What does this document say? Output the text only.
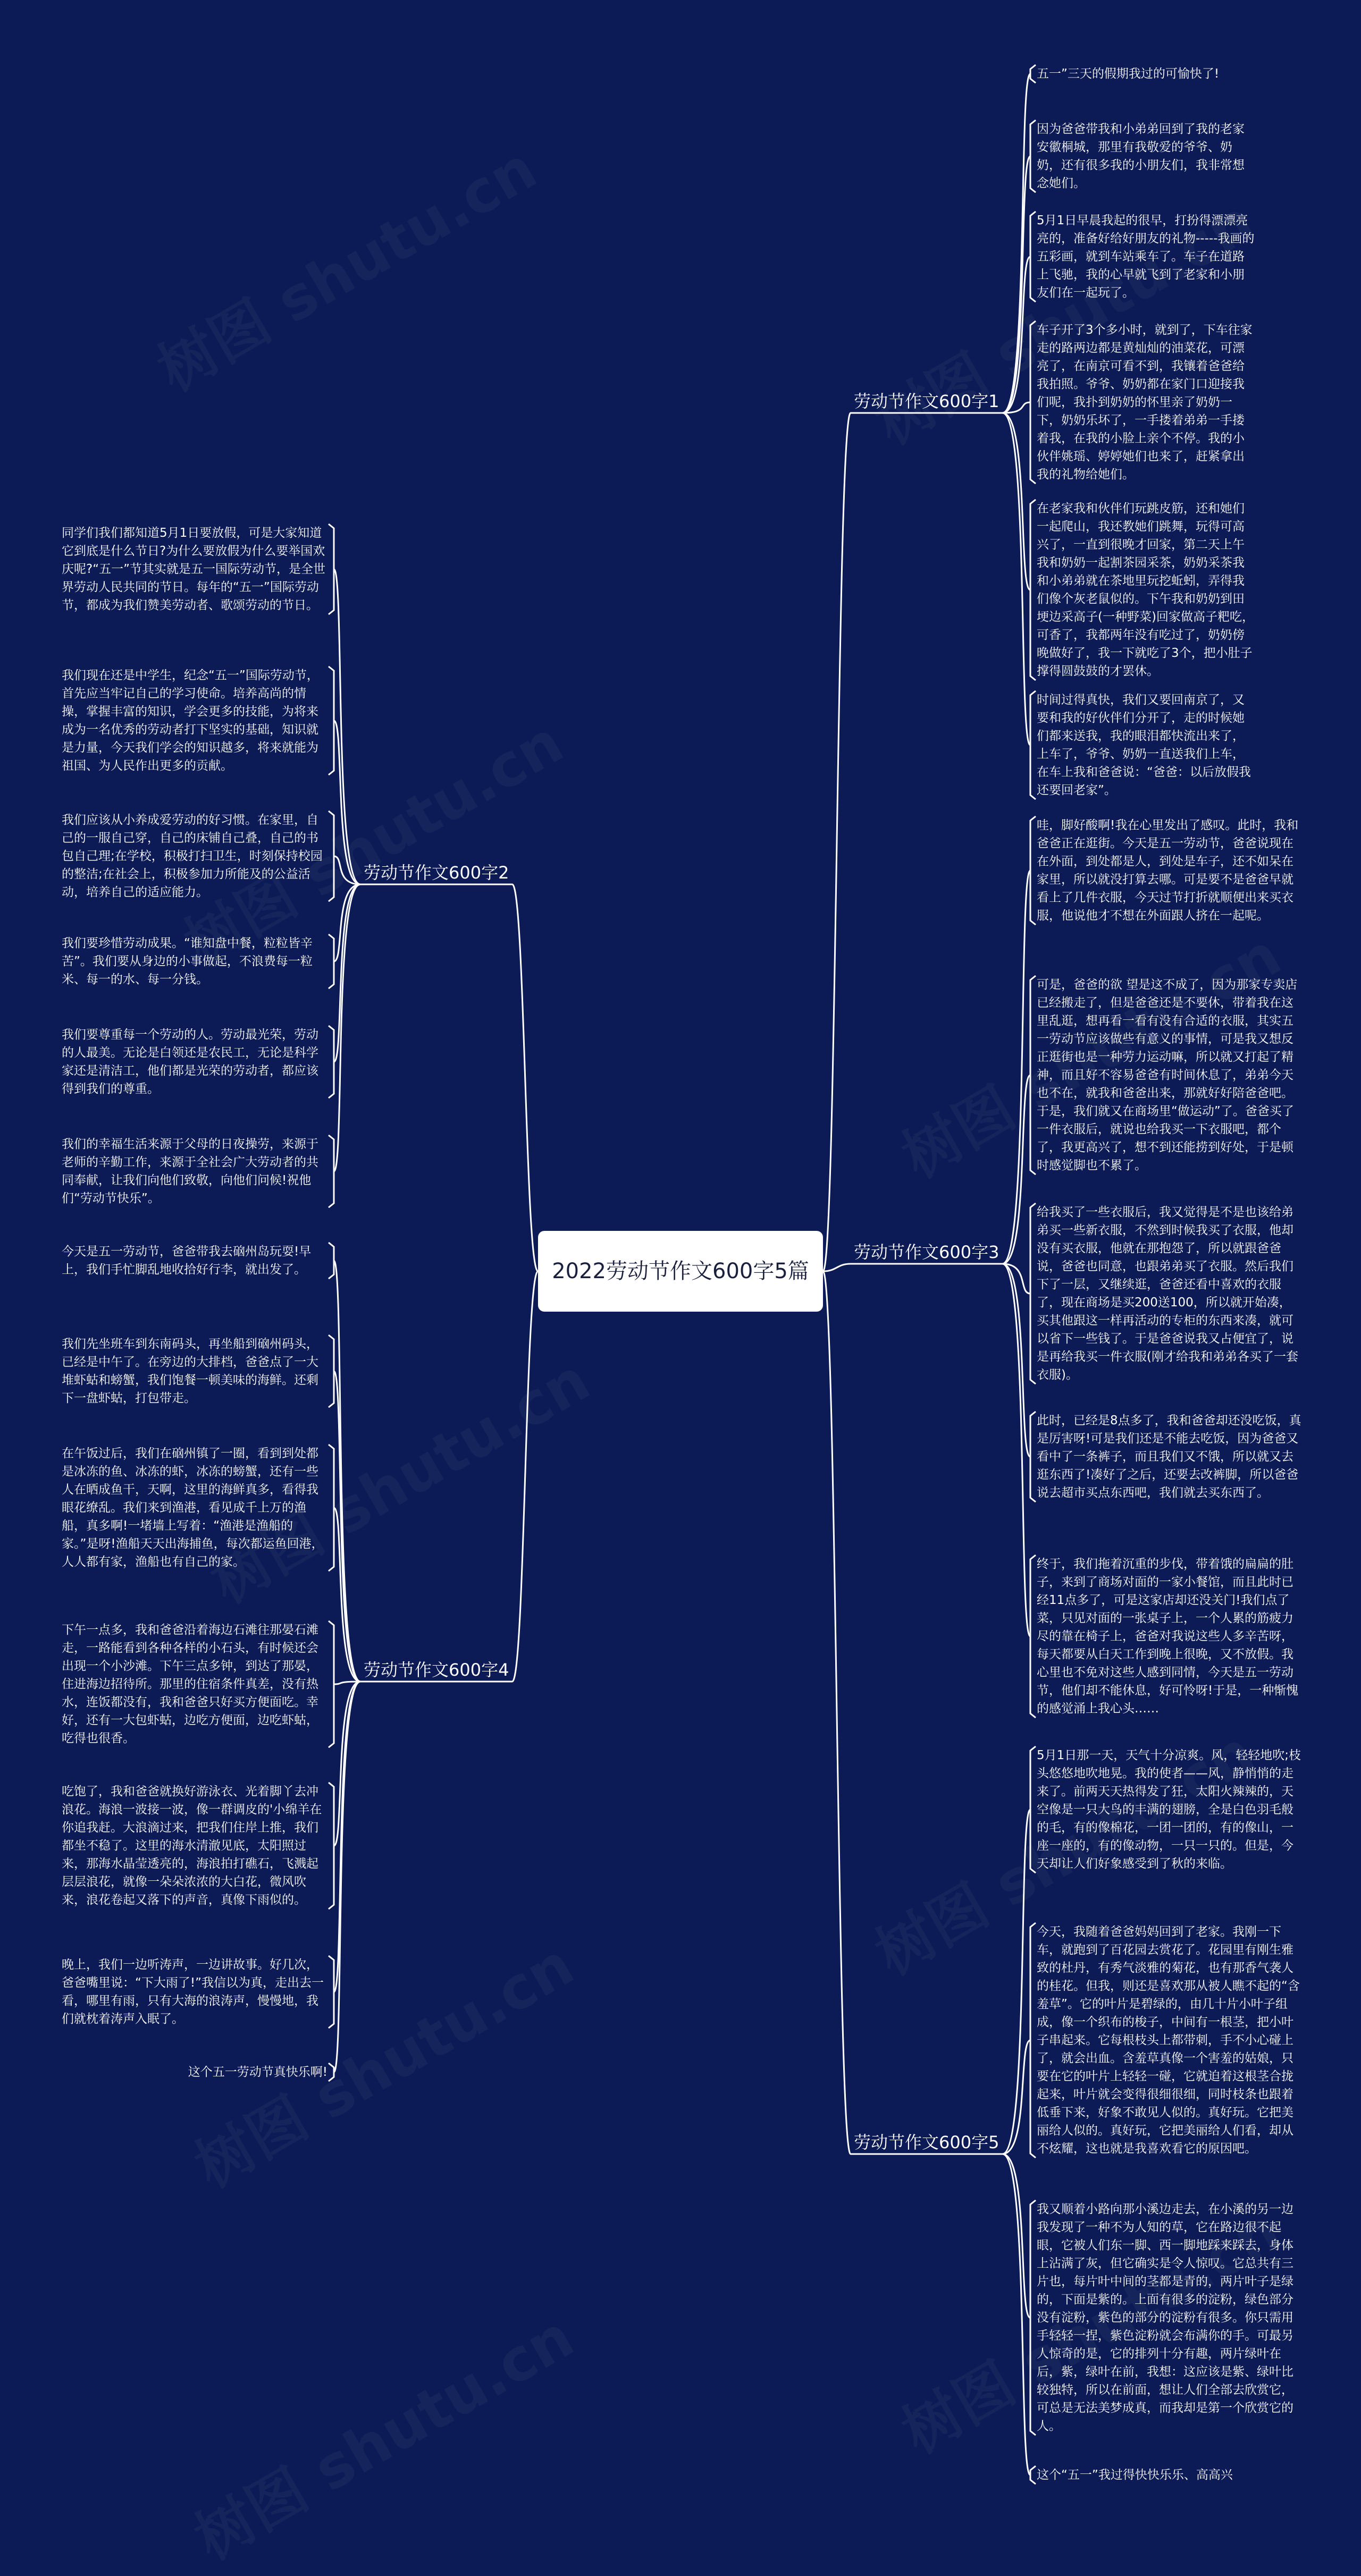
2022劳动节作文600字5篇
劳动节作文600字1
劳动节作文600字2
劳动节作文600字3
劳动节作文600字4
劳动节作文600字5
五一”三天的假期我过的可愉快了!
因为爸爸带我和小弟弟回到了我的老家安徽桐城，那里有我敬爱的爷爷、奶奶，还有很多我的小朋友们，我非常想念她们。
5月1日早晨我起的很早，打扮得漂漂亮亮的，准备好给好朋友的礼物-----我画的五彩画，就到车站乘车了。车子在道路上飞驰，我的心早就飞到了老家和小朋友们在一起玩了。
车子开了3个多小时，就到了，下车往家走的路两边都是黄灿灿的油菜花，可漂亮了，在南京可看不到，我镶着爸爸给我拍照。爷爷、奶奶都在家门口迎接我们呢，我扑到奶奶的怀里亲了奶奶一下，奶奶乐坏了，一手搂着弟弟一手搂着我，在我的小脸上亲个不停。我的小伙伴姚瑶、婷婷她们也来了，赶紧拿出我的礼物给她们。
在老家我和伙伴们玩跳皮筋，还和她们一起爬山，我还教她们跳舞，玩得可高兴了，一直到很晚才回家，第二天上午我和奶奶一起割茶园采茶，奶奶采茶我和小弟弟就在茶地里玩挖蚯蚓，弄得我们像个灰老鼠似的。下午我和奶奶到田埂边采高子(一种野菜)回家做高子粑吃，可香了，我都两年没有吃过了，奶奶傍晚做好了，我一下就吃了3个，把小肚子撑得圆鼓鼓的才罢休。
时间过得真快，我们又要回南京了，又要和我的好伙伴们分开了，走的时候她们都来送我，我的眼泪都快流出来了，上车了，爷爷、奶奶一直送我们上车，在车上我和爸爸说：“爸爸：以后放假我还要回老家”。
同学们我们都知道5月1日要放假，可是大家知道它到底是什么节日?为什么要放假为什么要举国欢庆呢?“五一”节其实就是五一国际劳动节，是全世界劳动人民共同的节日。每年的“五一”国际劳动节，都成为我们赞美劳动者、歌颂劳动的节日。
我们现在还是中学生，纪念“五一”国际劳动节，首先应当牢记自己的学习使命。培养高尚的情操，掌握丰富的知识，学会更多的技能，为将来成为一名优秀的劳动者打下坚实的基础，知识就是力量，今天我们学会的知识越多，将来就能为祖国、为人民作出更多的贡献。
我们应该从小养成爱劳动的好习惯。在家里，自己的一服自己穿，自己的床铺自己叠，自己的书包自己理;在学校，积极打扫卫生，时刻保持校园的整洁;在社会上，积极参加力所能及的公益活动，培养自己的适应能力。
我们要珍惜劳动成果。“谁知盘中餐，粒粒皆辛苦”。我们要从身边的小事做起，不浪费每一粒米、每一的水、每一分钱。
我们要尊重每一个劳动的人。劳动最光荣，劳动的人最美。无论是白领还是农民工，无论是科学家还是清洁工，他们都是光荣的劳动者，都应该得到我们的尊重。
我们的幸福生活来源于父母的日夜操劳，来源于老师的辛勤工作，来源于全社会广大劳动者的共同奉献，让我们向他们致敬，向他们问候!祝他们“劳动节快乐”。
哇，脚好酸啊!我在心里发出了感叹。此时，我和爸爸正在逛街。今天是五一劳动节，爸爸说现在在外面，到处都是人，到处是车子，还不如呆在家里，所以就没打算去哪。可是要不是爸爸早就看上了几件衣服，今天过节打折就顺便出来买衣服，他说他才不想在外面跟人挤在一起呢。
可是，爸爸的欲 望是这不成了，因为那家专卖店已经搬走了，但是爸爸还是不要休，带着我在这里乱逛，想再看一看有没有合适的衣服，其实五一劳动节应该做些有意义的事情，可是我又想反正逛街也是一种劳力运动嘛，所以就又打起了精神，而且好不容易爸爸有时间休息了，弟弟今天也不在，就我和爸爸出来，那就好好陪爸爸吧。于是，我们就又在商场里“做运动”了。爸爸买了一件衣服后，就说也给我买一下衣服吧，都个了，我更高兴了，想不到还能捞到好处，于是顿时感觉脚也不累了。
给我买了一些衣服后，我又觉得是不是也该给弟弟买一些新衣服，不然到时候我买了衣服，他却没有买衣服，他就在那抱怨了，所以就跟爸爸说，爸爸也同意，也跟弟弟买了衣服。然后我们下了一层，又继续逛，爸爸还看中喜欢的衣服了，现在商场是买200送100，所以就开始凑，买其他跟这一样再活动的专柜的东西来凑，就可以省下一些钱了。于是爸爸说我又占便宜了，说是再给我买一件衣服(刚才给我和弟弟各买了一套衣服)。
此时，已经是8点多了，我和爸爸却还没吃饭，真是厉害呀!可是我们还是不能去吃饭，因为爸爸又看中了一条裤子，而且我们又不饿，所以就又去逛东西了!凑好了之后，还要去改裤脚，所以爸爸说去超市买点东西吧，我们就去买东西了。
终于，我们拖着沉重的步伐，带着饿的扁扁的肚子，来到了商场对面的一家小餐馆，而且此时已经11点多了，可是这家店却还没关门!我们点了菜，只见对面的一张桌子上，一个人累的筋疲力尽的靠在椅子上，爸爸对我说这些人多辛苦呀，每天都要从白天工作到晚上很晚，又不放假。我心里也不免对这些人感到同情，今天是五一劳动节，他们却不能休息，好可怜呀!于是，一种惭愧的感觉涌上我心头……
今天是五一劳动节，爸爸带我去硇州岛玩耍!早上，我们手忙脚乱地收拾好行李，就出发了。
我们先坐班车到东南码头，再坐船到硇州码头，已经是中午了。在旁边的大排档，爸爸点了一大堆虾蛄和螃蟹，我们饱餐一顿美味的海鲜。还剩下一盘虾蛄，打包带走。
在午饭过后，我们在硇州镇了一圈，看到到处都是冰冻的鱼、冰冻的虾，冰冻的螃蟹，还有一些人在晒成鱼干，天啊，这里的海鲜真多，看得我眼花缭乱。我们来到渔港，看见成千上万的渔船，真多啊!一堵墙上写着：“渔港是渔船的家。”是呀!渔船天天出海捕鱼，每次都运鱼回港，人人都有家，渔船也有自己的家。
下午一点多，我和爸爸沿着海边石滩往那晏石滩走，一路能看到各种各样的小石头，有时候还会出现一个小沙滩。下午三点多钟，到达了那晏，住进海边招待所。那里的住宿条件真差，没有热水，连饭都没有，我和爸爸只好买方便面吃。幸好，还有一大包虾蛄，边吃方便面，边吃虾蛄，吃得也很香。
吃饱了，我和爸爸就换好游泳衣、光着脚丫去冲浪花。海浪一波接一波，像一群调皮的'小绵羊在你追我赶。大浪滴过来，把我们住岸上推，我们都坐不稳了。这里的海水清澈见底，太阳照过来，那海水晶莹透亮的，海浪拍打礁石，飞溅起层层浪花，就像一朵朵浓浓的大白花，微风吹来，浪花卷起又落下的声音，真像下雨似的。
晚上，我们一边听涛声，一边讲故事。好几次，爸爸嘴里说：“下大雨了!”我信以为真，走出去一看，哪里有雨，只有大海的浪涛声，慢慢地，我们就枕着涛声入眠了。
这个五一劳动节真快乐啊!
5月1日那一天，天气十分凉爽。风，轻轻地吹;枝头悠悠地吹地晃。我的使者——风，静悄悄的走来了。前两天天热得发了狂，太阳火辣辣的，天空像是一只大鸟的丰满的翅膀，全是白色羽毛般的毛，有的像棉花，一团一团的，有的像山，一座一座的，有的像动物，一只一只的。但是，今天却让人们好象感受到了秋的来临。
今天，我随着爸爸妈妈回到了老家。我刚一下车，就跑到了百花园去赏花了。花园里有刚生雅致的杜丹，有秀气淡雅的菊花，也有那香气袭人的桂花。但我，则还是喜欢那从被人瞧不起的“含羞草”。它的叶片是碧绿的，由几十片小叶子组成，像一个织布的梭子，中间有一根茎，把小叶子串起来。它每根枝头上都带刺，手不小心碰上了，就会出血。含羞草真像一个害羞的姑娘，只要在它的叶片上轻轻一碰，它就迫着这根茎合拢起来，叶片就会变得很细很细，同时枝条也跟着低垂下来，好象不敢见人似的。真好玩。它把美丽给人似的。真好玩，它把美丽给人们看，却从不炫耀，这也就是我喜欢看它的原因吧。
我又顺着小路向那小溪边走去，在小溪的另一边我发现了一种不为人知的草，它在路边很不起眼，它被人们东一脚、西一脚地踩来踩去，身体上沾满了灰，但它确实是令人惊叹。它总共有三片也，每片叶中间的茎都是青的，两片叶子是绿的，下面是紫的。上面有很多的淀粉，绿色部分没有淀粉，紫色的部分的淀粉有很多。你只需用手轻轻一捏，紫色淀粉就会布满你的手。可最另人惊奇的是，它的排列十分有趣，两片绿叶在后，紫，绿叶在前，我想：这应该是紫、绿叶比较独特，所以在前面，想让人们全部去欣赏它，可总是无法美梦成真，而我却是第一个欣赏它的人。
这个“五一”我过得快快乐乐、高高兴
